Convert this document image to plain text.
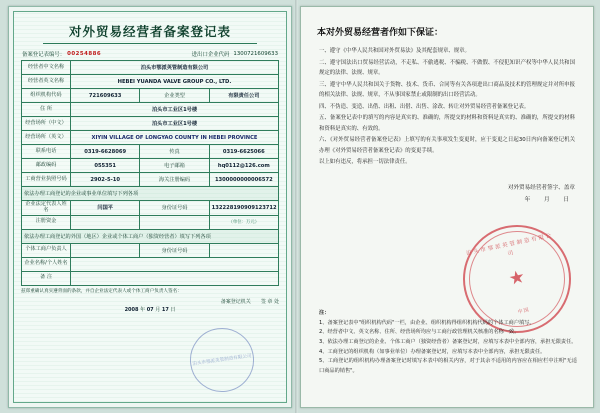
对外贸易经营者备案登记表
备案登记表编号： 00254886	进出口企业代码 1300721609633
经营者中文名称	泊头市鄂派英管制造有限公司		
经营者英文名称	HEBEI YUANDA VALVE GROUP CO., LTD.		
组织机构代码	721609633	企业类型	有限责任公司
住 所	泊头市工业区1号楼		
经营场所（中文）	泊头市工业区1号楼		
经营场所（英文）	XIYIN VILLAGE OF LONGYAO COUNTY IN HEBEI PROVINCE		
联系电话	0319-6628069	传真	0319-6625066
邮政编码	055351	电子邮箱	hq0112@126.com
工商营业执照号码	2902-5-10	海关注册编码	1300000000006572
依法办理工商登记的企业或事业单位填写下列各项			
企业法定代表人姓名	闫国平	身份证号码	132228190909123712
注册资金			（单位：万元）
依法办理工商登记的外国（地区）企业或个体工商户（独资经营者）填写下列各项			
个体工商户负责人		身份证号码	
企业名称/个人姓名			
备 注			
兹郑重确认真实遵背面的条款，并自企业法定代表人或个体工商户负责人签名：
备案登记机关 签 章 处
2008 年 07 月 17 日
泊头市鄂派英管制造有限公司
本对外贸易经营者作如下保证：

一、遵守《中华人民共和国对外贸易法》及其配套规章、规章。

二、遵守国法出口贸易经营活动，不走私、不偷逃税、不骗税、不做假、不侵犯知识产权等中华人民共和国规定的法律、法规、规章。

三、遵守中华人民共和国关于货物、技术、货币、合同等有关各项进出口商品及技术的管理规定并对所申报的相关法律、法规、规章，不从事国家禁止或限制的出口经营活动。

四、不伪造、变造、出借、出租、出借、出售、涂改、转让对外贸易经营者备案登记表。

五、备案登记表中的填写的内容是真实的、准确的，所提交的材料和资料是真实的、准确的，所提交的材料和资料是真实的、有效的。

六、《对外贸易经营者备案登记表》上填写的有关事项发生变更时，应于变更之日起30日内向备案登记机关办理《对外贸易经营者备案登记表》的变更手续。

以上如有违反，将承担一切法律责任。

对外贸易经营者签字、盖章
年 月 日
泊头市鄂派英管制造有限公司
★
中国
注：
1、备案登记表中"组织机构代码"一栏，由企业、组织机构得组织机构代码的个体工商户填写。
2、经营者中文、英文名称、住所、经营场所均应与工商行政管理机关核准的名称一致。
3、依法办理工商登记的企业、个体工商户（独资经营者）备案登记时，应填写本表中全部内容，承担无限责任。
4、工商登记的组织机构（如事业单位）办理备案登记时，应填写本表中全部内容，承担无限责任。
5、工商登记的组织机构办理备案登记时填写本表中的相关内容，对于其余不适用的内容应在相应栏中注明"无适口商品的销售"。
